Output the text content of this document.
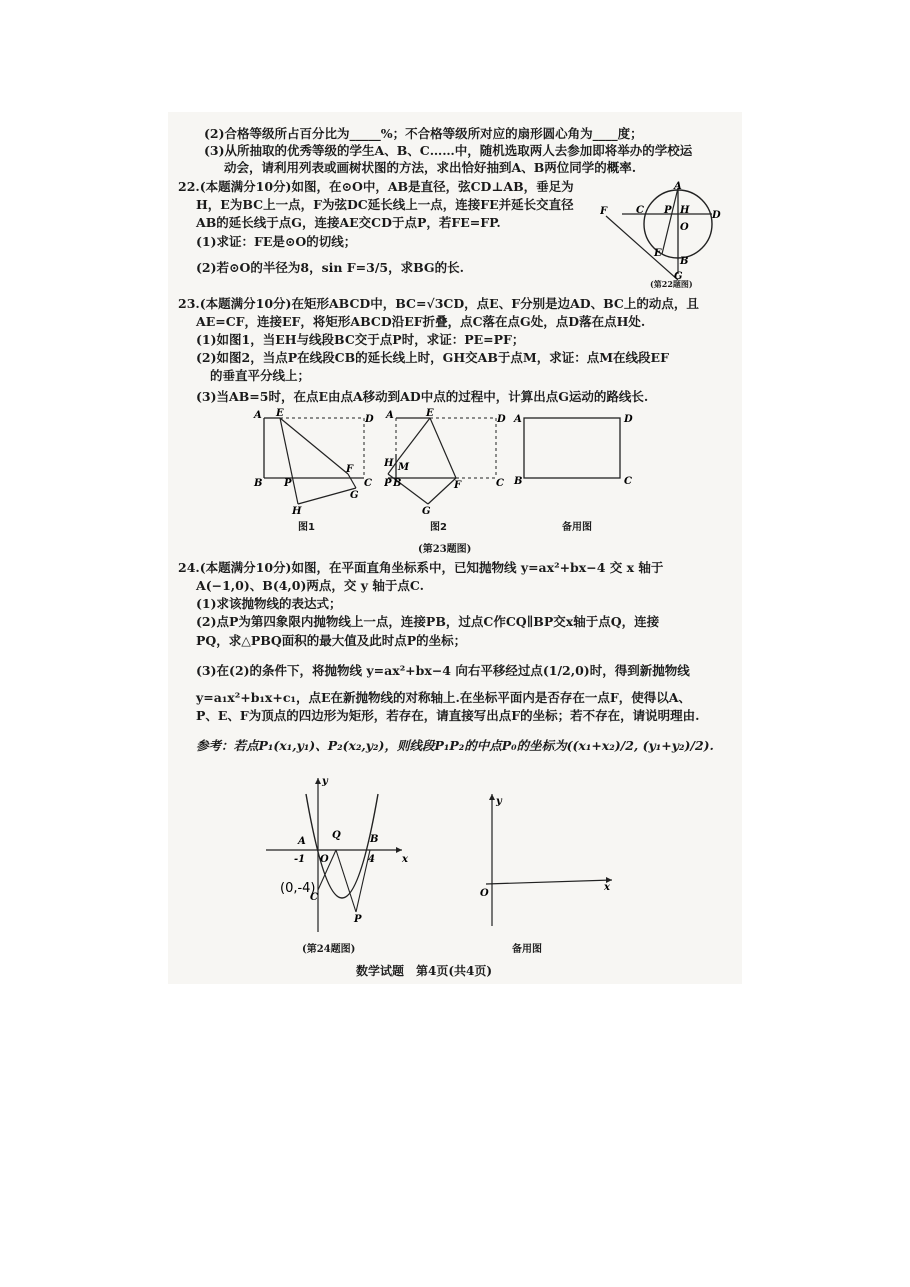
(2)合格等级所占百分比为_____%；不合格等级所对应的扇形圆心角为____度；
(3)从所抽取的优秀等级的学生A、B、C……中，随机选取两人去参加即将举办的学校运
动会，请利用列表或画树状图的方法，求出恰好抽到A、B两位同学的概率.
22.(本题满分10分)如图，在⊙O中，AB是直径，弦CD⊥AB，垂足为
H，E为BC上一点，F为弦DC延长线上一点，连接FE并延长交直径
AB的延长线于点G，连接AE交CD于点P，若FE=FP.
(1)求证：FE是⊙O的切线；
(2)若⊙O的半径为8，sin F=3/5，求BG的长.
A
C P H D
F
O
E
B
G
(第22题图)
23.(本题满分10分)在矩形ABCD中，BC=√3CD，点E、F分别是边AD、BC上的动点，且
AE=CF，连接EF，将矩形ABCD沿EF折叠，点C落在点G处，点D落在点H处.
(1)如图1，当EH与线段BC交于点P时，求证：PE=PF；
(2)如图2，当点P在线段CB的延长线上时，GH交AB于点M，求证：点M在线段EF
的垂直平分线上；
(3)当AB=5时，在点E由点A移动到AD中点的过程中，计算出点G运动的路线长.
A E
D
F
B P
G
C
H
图1
A	E
D
H M
P B	F	C
G
图2
A	D
B	C
备用图
(第23题图)
24.(本题满分10分)如图，在平面直角坐标系中，已知抛物线 y=ax²+bx−4 交 x 轴于
A(−1,0)、B(4,0)两点，交 y 轴于点C.
(1)求该抛物线的表达式；
(2)点P为第四象限内抛物线上一点，连接PB，过点C作CQ∥BP交x轴于点Q，连接
PQ，求△PBQ面积的最大值及此时点P的坐标；
(3)在(2)的条件下，将抛物线 y=ax²+bx−4 向右平移经过点(1/2,0)时，得到新抛物线
y=a₁x²+b₁x+c₁，点E在新抛物线的对称轴上.在坐标平面内是否存在一点F，使得以A、
P、E、F为顶点的四边形为矩形，若存在，请直接写出点F的坐标；若不存在，请说明理由.
参考：若点P₁(x₁,y₁)、P₂(x₂,y₂)，则线段P₁P₂的中点P₀的坐标为((x₁+x₂)/2, (y₁+y₂)/2).
y
A
Q	B
-1 O	4	x
C
P
(0,-4)
(第24题图)
y
O
x
备用图
数学试题　第4页(共4页)
